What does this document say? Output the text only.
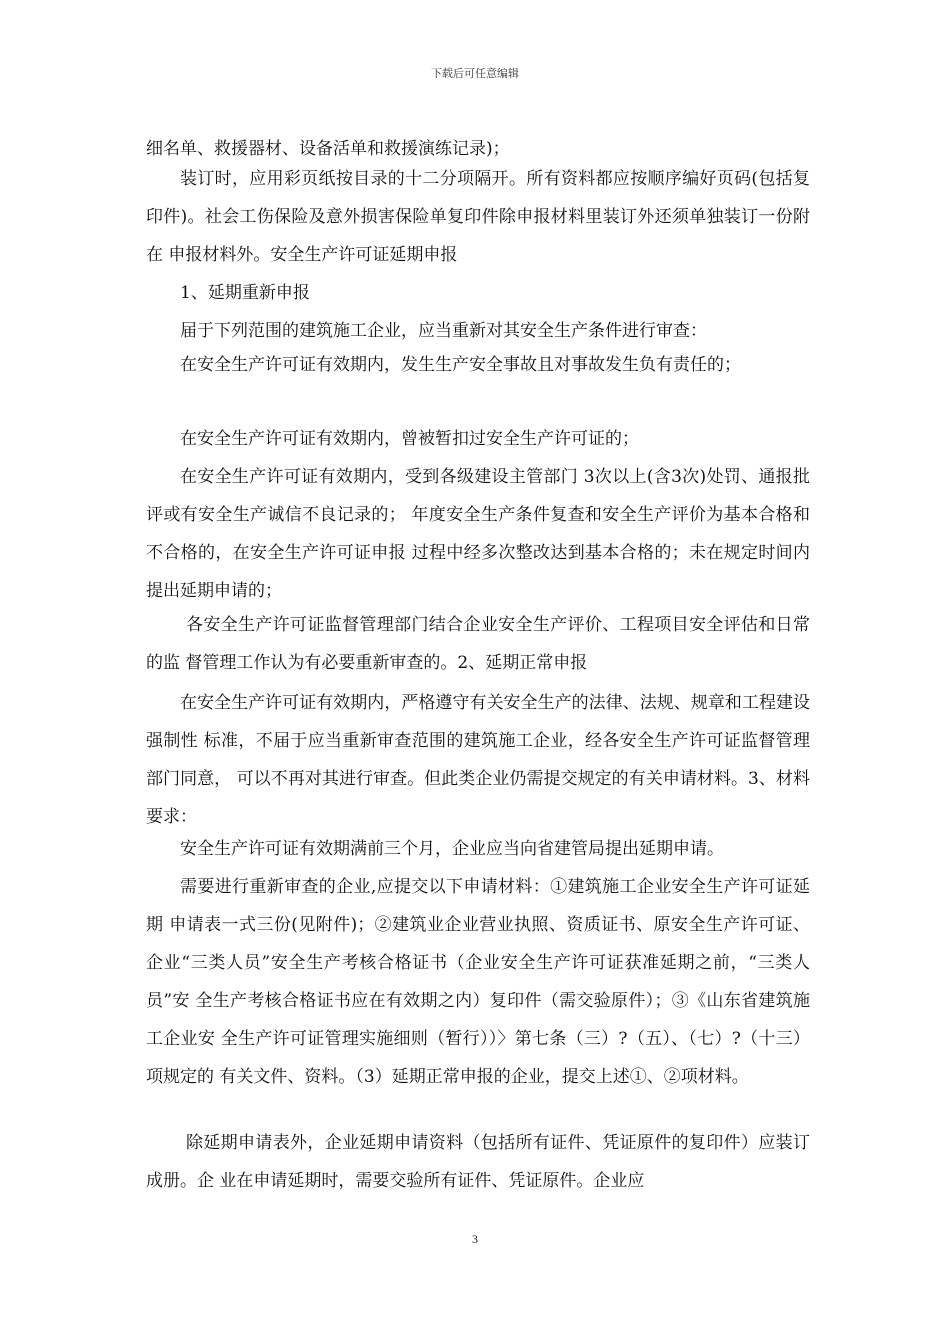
下载后可任意编辑
细名单、救援器材、设备活单和救援演练记录)；
装订时，应用彩页纸按目录的十二分项隔开。所有资料都应按顺序编好页码(包括复 印件)。社会工伤保险及意外损害保险单复印件除申报材料里装订外还须单独装订一份附在 申报材料外。安全生产许可证延期申报
1、延期重新申报
届于下列范围的建筑施工企业，应当重新对其安全生产条件进行审查：
在安全生产许可证有效期内，发生生产安全事故且对事故发生负有责任的；
在安全生产许可证有效期内，曾被暂扣过安全生产许可证的；
在安全生产许可证有效期内，受到各级建设主管部门 3次以上(含3次)处罚、通报批 评或有安全生产诚信不良记录的； 年度安全生产条件复查和安全生产评价为基本合格和不合格的，在安全生产许可证申报 过程中经多次整改达到基本合格的；未在规定时间内提出延期申请的；
各安全生产许可证监督管理部门结合企业安全生产评价、工程项目安全评估和日常的监 督管理工作认为有必要重新审查的。2、延期正常申报
在安全生产许可证有效期内，严格遵守有关安全生产的法律、法规、规章和工程建设强制性 标准，不届于应当重新审查范围的建筑施工企业，经各安全生产许可证监督管理部门同意， 可以不再对其进行审查。但此类企业仍需提交规定的有关申请材料。3、材料要求：
安全生产许可证有效期满前三个月，企业应当向省建管局提出延期申请。
需要进行重新审查的企业,应提交以下申请材料：①建筑施工企业安全生产许可证延期 申请表一式三份(见附件)；②建筑业企业营业执照、资质证书、原安全生产许可证、企业“三类人员”安全生产考核合格证书（企业安全生产许可证获准延期之前，“三类人员”安 全生产考核合格证书应在有效期之内）复印件（需交验原件）；③《山东省建筑施工企业安 全生产许可证管理实施细则（暂行））〉第七条（三）?（五）、（七）?（十三）项规定的 有关文件、资料。（3）延期正常申报的企业，提交上述①、②项材料。
除延期申请表外，企业延期申请资料（包括所有证件、凭证原件的复印件）应装订成册。企 业在申请延期时，需要交验所有证件、凭证原件。企业应
3
